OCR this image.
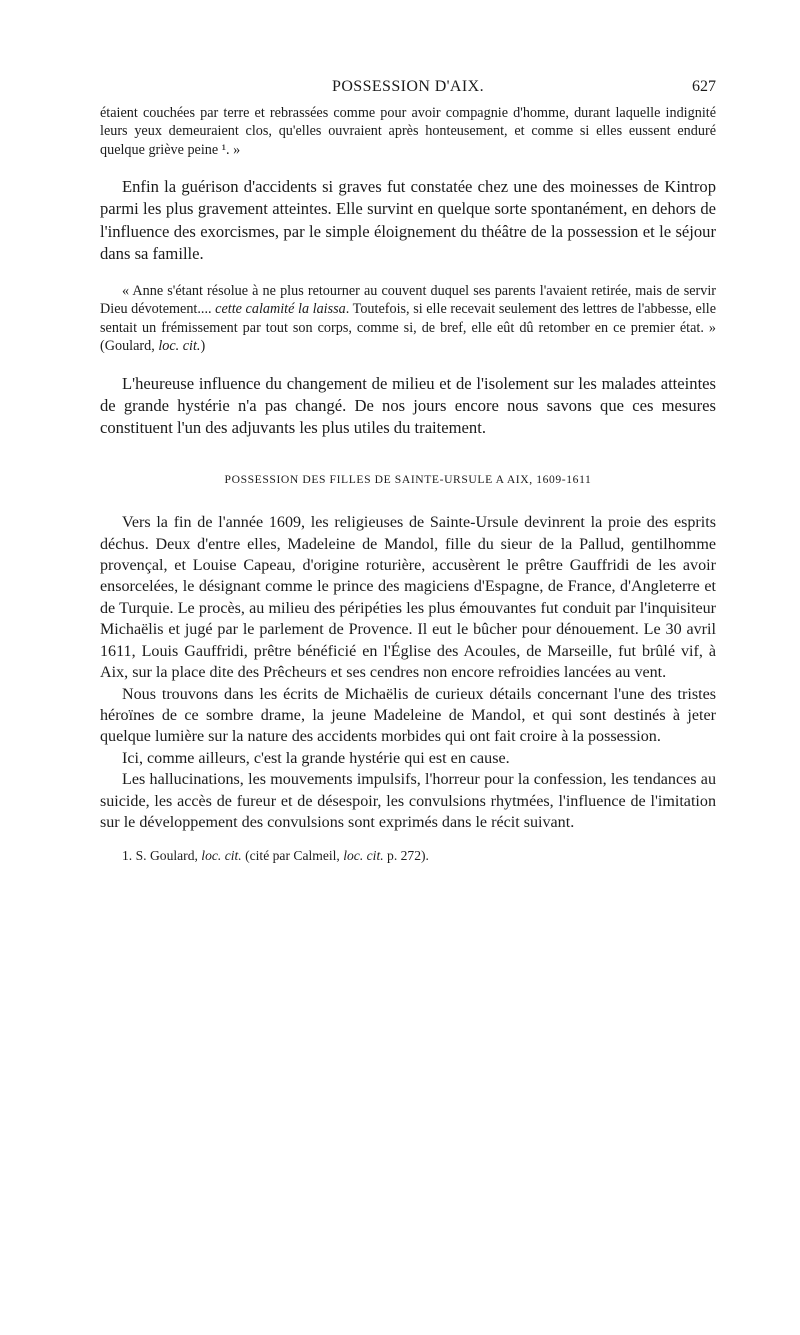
POSSESSION D'AIX.	627

étaient couchées par terre et rebrassées comme pour avoir compagnie d'homme, durant laquelle indignité leurs yeux demeuraient clos, qu'elles ouvraient après honteusement, et comme si elles eussent enduré quelque griève peine ¹. »

Enfin la guérison d'accidents si graves fut constatée chez une des moinesses de Kintrop parmi les plus gravement atteintes. Elle survint en quelque sorte spontanément, en dehors de l'influence des exorcismes, par le simple éloignement du théâtre de la possession et le séjour dans sa famille.

« Anne s'étant résolue à ne plus retourner au couvent duquel ses parents l'avaient retirée, mais de servir Dieu dévotement.... cette calamité la laissa. Toutefois, si elle recevait seulement des lettres de l'abbesse, elle sentait un frémissement par tout son corps, comme si, de bref, elle eût dû retomber en ce premier état. » (Goulard, loc. cit.)

L'heureuse influence du changement de milieu et de l'isolement sur les malades atteintes de grande hystérie n'a pas changé. De nos jours encore nous savons que ces mesures constituent l'un des adjuvants les plus utiles du traitement.

POSSESSION DES FILLES DE SAINTE-URSULE A AIX, 1609-1611

Vers la fin de l'année 1609, les religieuses de Sainte-Ursule devinrent la proie des esprits déchus. Deux d'entre elles, Madeleine de Mandol, fille du sieur de la Pallud, gentilhomme provençal, et Louise Capeau, d'origine roturière, accusèrent le prêtre Gauffridi de les avoir ensorcelées, le désignant comme le prince des magiciens d'Espagne, de France, d'Angleterre et de Turquie. Le procès, au milieu des péripéties les plus émouvantes fut conduit par l'inquisiteur Michaëlis et jugé par le parlement de Provence. Il eut le bûcher pour dénouement. Le 30 avril 1611, Louis Gauffridi, prêtre bénéficié en l'Église des Acoules, de Marseille, fut brûlé vif, à Aix, sur la place dite des Prêcheurs et ses cendres non encore refroidies lancées au vent.

Nous trouvons dans les écrits de Michaëlis de curieux détails concernant l'une des tristes héroïnes de ce sombre drame, la jeune Madeleine de Mandol, et qui sont destinés à jeter quelque lumière sur la nature des accidents morbides qui ont fait croire à la possession.

Ici, comme ailleurs, c'est la grande hystérie qui est en cause.

Les hallucinations, les mouvements impulsifs, l'horreur pour la confession, les tendances au suicide, les accès de fureur et de désespoir, les convulsions rhytmées, l'influence de l'imitation sur le développement des convulsions sont exprimés dans le récit suivant.

1. S. Goulard, loc. cit. (cité par Calmeil, loc. cit. p. 272).
